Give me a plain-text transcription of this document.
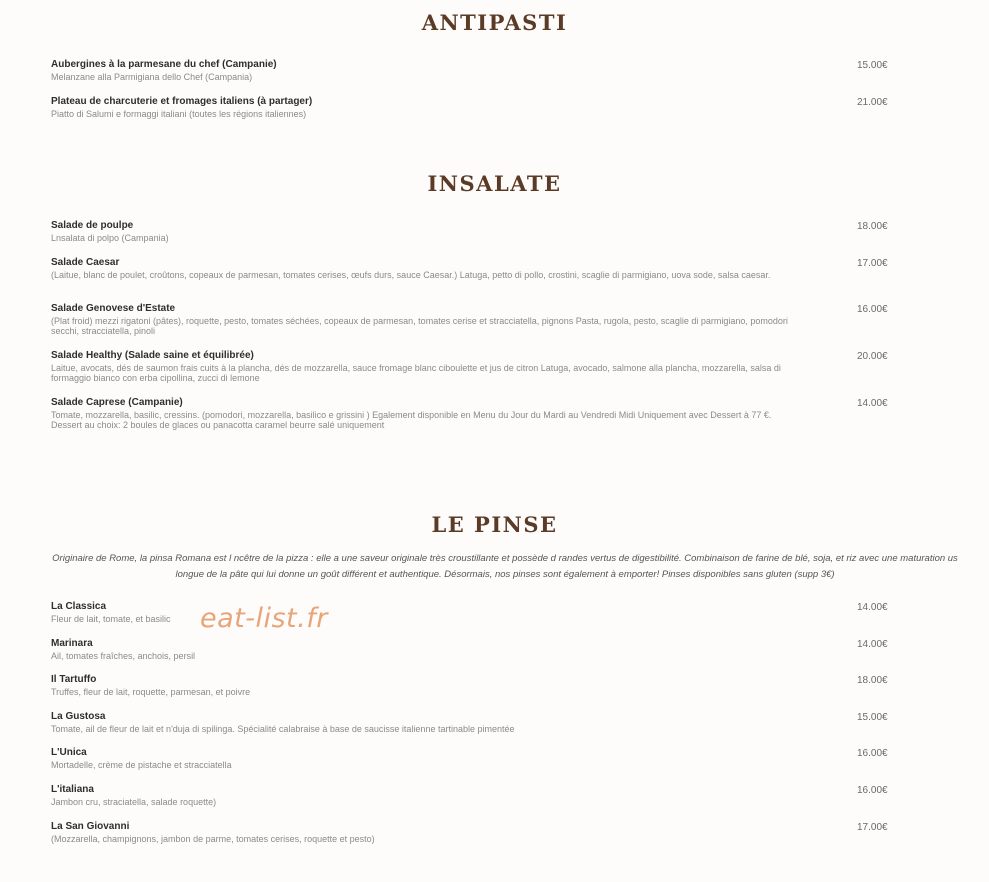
ANTIPASTI
Aubergines à la parmesane du chef (Campanie)
Melanzane alla Parmigiana dello Chef (Campania)
15.00€
Plateau de charcuterie et fromages italiens (à partager)
Piatto di Salumi e formaggi italiani (toutes les régions italiennes)
21.00€
INSALATE
Salade de poulpe
Lnsalata di polpo (Campania)
18.00€
Salade Caesar
(Laitue, blanc de poulet, croûtons, copeaux de parmesan, tomates cerises, œufs durs, sauce Caesar.) Latuga, petto di pollo, crostini, scaglie di parmigiano, uova sode, salsa caesar.
17.00€
Salade Genovese d'Estate
(Plat froid) mezzi rigatoni (pâtes), roquette, pesto, tomates séchées, copeaux de parmesan, tomates cerise et stracciatella, pignons Pasta, rugola, pesto, scaglie di parmigiano, pomodori secchi, stracciatella, pinoli
16.00€
Salade Healthy (Salade saine et équilibrée)
Laitue, avocats, dés de saumon frais cuits à la plancha, dés de mozzarella, sauce fromage blanc ciboulette et jus de citron Latuga, avocado, salmone alla plancha, mozzarella, salsa di formaggio bianco con erba cipollina, zucci di lemone
20.00€
Salade Caprese (Campanie)
Tomate, mozzarella, basilic, cressins. (pomodori, mozzarella, basilico e grissini ) Egalement disponible en Menu du Jour du Mardi au Vendredi Midi Uniquement avec Dessert à 77 €. Dessert au choix: 2 boules de glaces ou panacotta caramel beurre salé uniquement
14.00€
LE PINSE

Originaire de Rome, la pinsa Romana est l ncêtre de la pizza : elle a une saveur originale très croustillante et possède d randes vertus de digestibilité. Combinaison de farine de blé, soja, et riz avec une maturation us longue de la pâte qui lui donne un goût différent et authentique. Désormais, nos pinses sont également à emporter! Pinses disponibles sans gluten (supp 3€)

La Classica
Fleur de lait, tomate, et basilic
14.00€
Marinara
Ail, tomates fraîches, anchois, persil
14.00€
Il Tartuffo
Truffes, fleur de lait, roquette, parmesan, et poivre
18.00€
La Gustosa
Tomate, ail de fleur de lait et n'duja di spilinga. Spécialité calabraise à base de saucisse italienne tartinable pimentée
15.00€
L'Unica
Mortadelle, crème de pistache et stracciatella
16.00€
L'italiana
Jambon cru, straciatella, salade roquette)
16.00€
La San Giovanni
(Mozzarella, champignons, jambon de parme, tomates cerises, roquette et pesto)
17.00€
eat-list.fr
